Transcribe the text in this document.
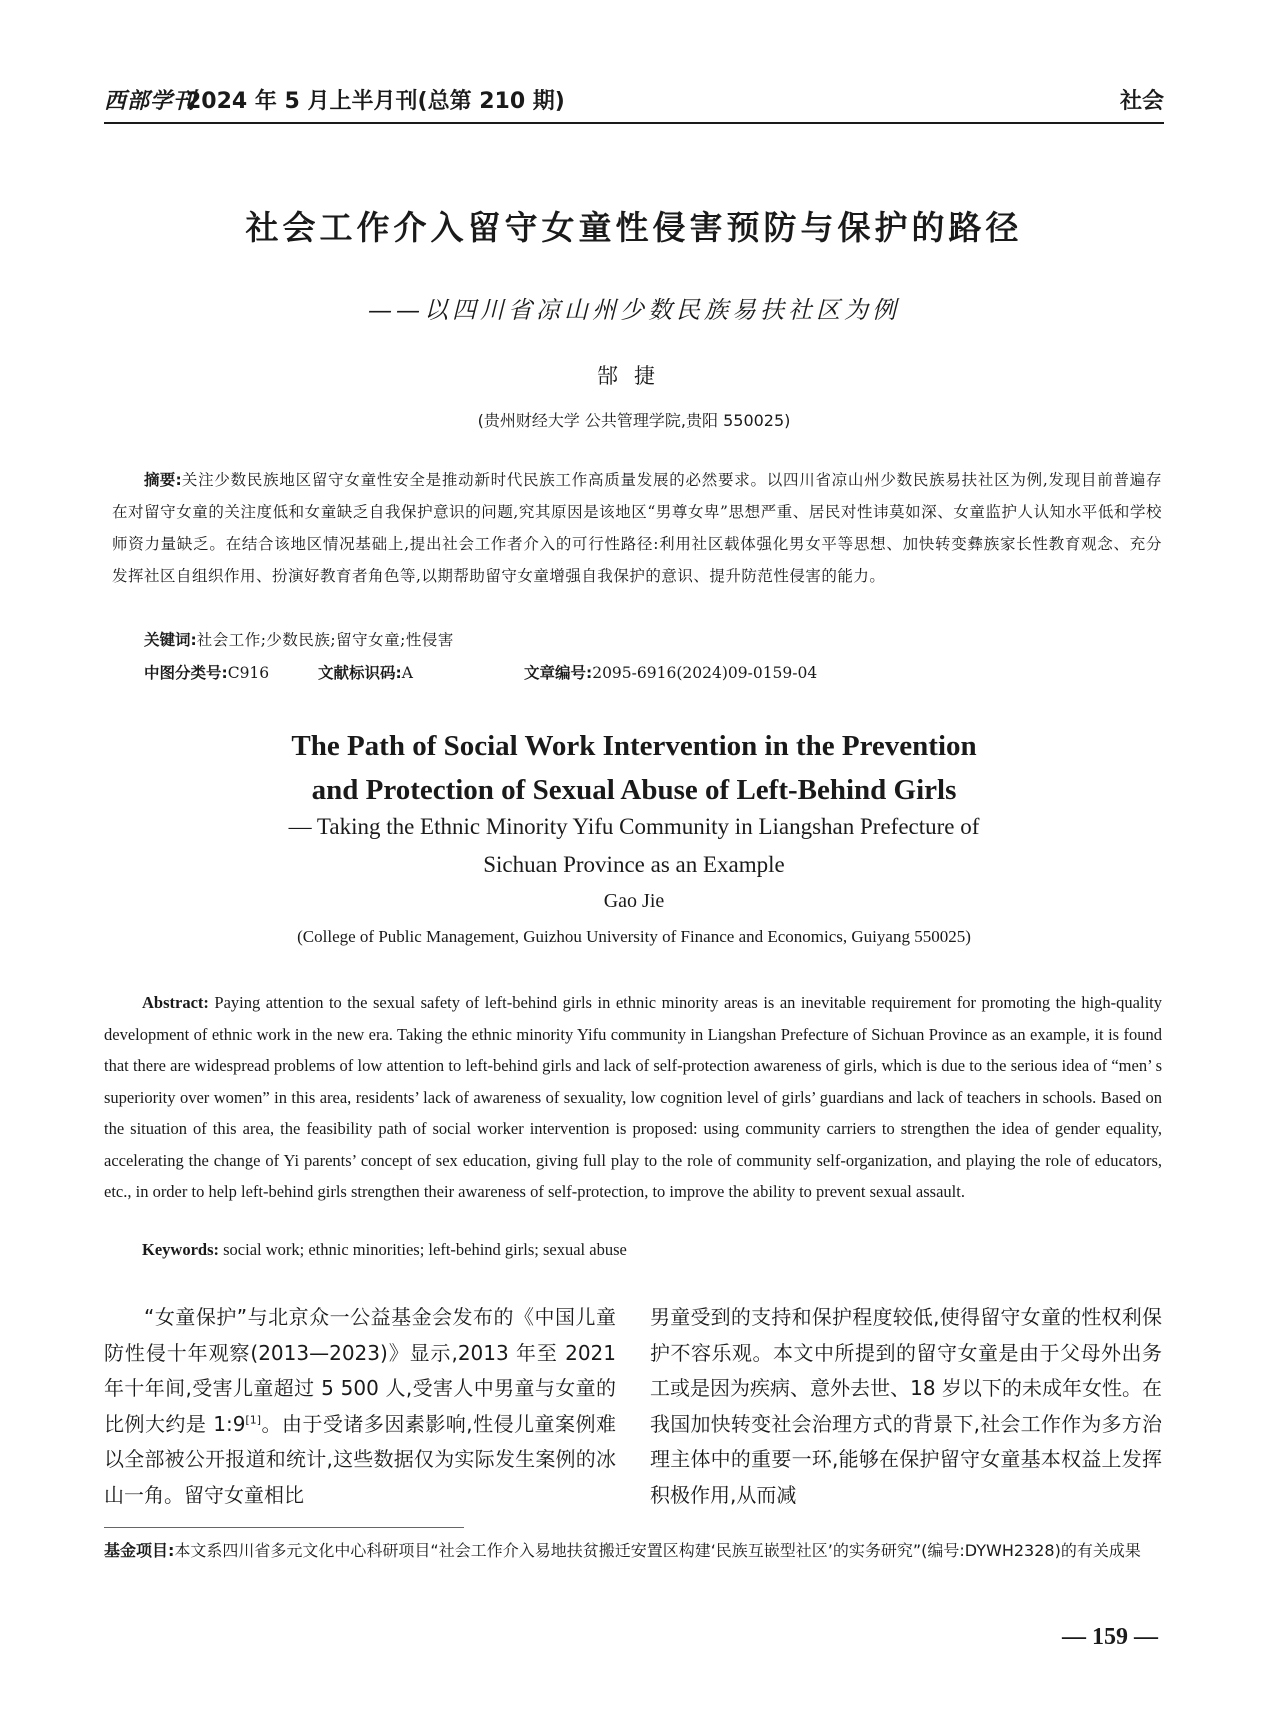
西部学刊
2024 年 5 月上半月刊(总第 210 期)	社会
社会工作介入留守女童性侵害预防与保护的路径
——以四川省凉山州少数民族易扶社区为例
郜捷
(贵州财经大学 公共管理学院,贵阳 550025)
摘要:关注少数民族地区留守女童性安全是推动新时代民族工作高质量发展的必然要求。以四川省凉山州少数民族易扶社区为例,发现目前普遍存在对留守女童的关注度低和女童缺乏自我保护意识的问题,究其原因是该地区“男尊女卑”思想严重、居民对性讳莫如深、女童监护人认知水平低和学校师资力量缺乏。在结合该地区情况基础上,提出社会工作者介入的可行性路径:利用社区载体强化男女平等思想、加快转变彝族家长性教育观念、充分发挥社区自组织作用、扮演好教育者角色等,以期帮助留守女童增强自我保护的意识、提升防范性侵害的能力。
关键词:社会工作;少数民族;留守女童;性侵害
中图分类号:C916	文献标识码:A	文章编号:2095-6916(2024)09-0159-04
The Path of Social Work Intervention in the Prevention
and Protection of Sexual Abuse of Left-Behind Girls
— Taking the Ethnic Minority Yifu Community in Liangshan Prefecture of
Sichuan Province as an Example
Gao Jie
(College of Public Management, Guizhou University of Finance and Economics, Guiyang 550025)
Abstract: Paying attention to the sexual safety of left-behind girls in ethnic minority areas is an inevitable requirement for promoting the high-quality development of ethnic work in the new era. Taking the ethnic minority Yifu community in Liangshan Prefecture of Sichuan Province as an example, it is found that there are widespread problems of low attention to left-behind girls and lack of self-protection awareness of girls, which is due to the serious idea of “men’ s superiority over women” in this area, residents’ lack of awareness of sexuality, low cognition level of girls’ guardians and lack of teachers in schools. Based on the situation of this area, the feasibility path of social worker intervention is proposed: using community carriers to strengthen the idea of gender equality, accelerating the change of Yi parents’ concept of sex education, giving full play to the role of community self-organization, and playing the role of educators, etc., in order to help left-behind girls strengthen their awareness of self-protection, to improve the ability to prevent sexual assault.
Keywords: social work; ethnic minorities; left-behind girls; sexual abuse
“女童保护”与北京众一公益基金会发布的《中国儿童防性侵十年观察(2013—2023)》显示,2013 年至 2021 年十年间,受害儿童超过 5 500 人,受害人中男童与女童的比例大约是 1:9[1]。由于受诸多因素影响,性侵儿童案例难以全部被公开报道和统计,这些数据仅为实际发生案例的冰山一角。留守女童相比
男童受到的支持和保护程度较低,使得留守女童的性权利保护不容乐观。本文中所提到的留守女童是由于父母外出务工或是因为疾病、意外去世、18 岁以下的未成年女性。在我国加快转变社会治理方式的背景下,社会工作作为多方治理主体中的重要一环,能够在保护留守女童基本权益上发挥积极作用,从而减
基金项目:本文系四川省多元文化中心科研项目“社会工作介入易地扶贫搬迁安置区构建‘民族互嵌型社区’的实务研究”(编号:DYWH2328)的有关成果
— 159 —
